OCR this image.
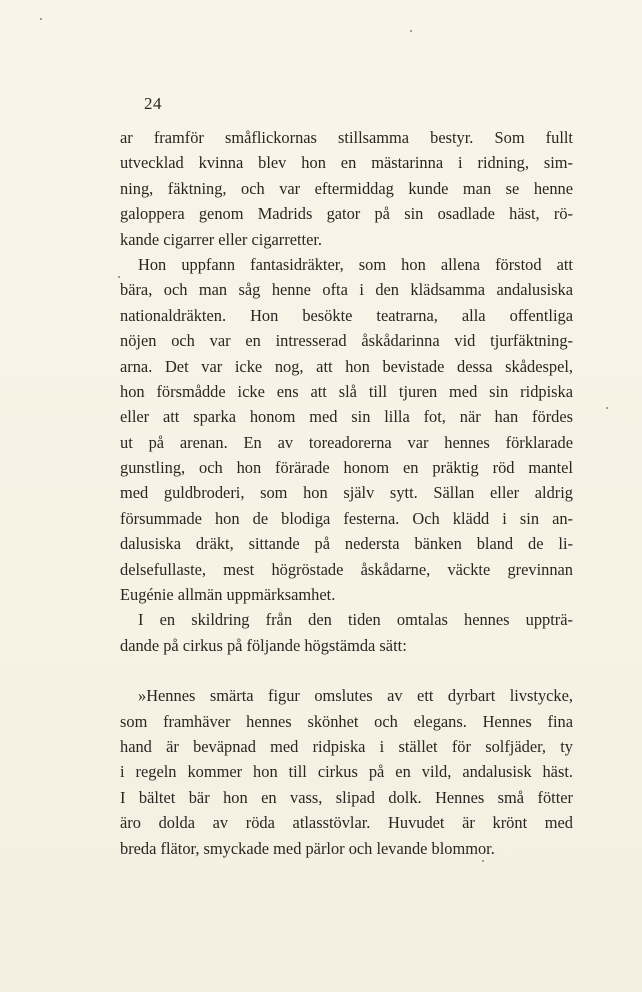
24

ar framför småflickornas stillsamma bestyr. Som fullt
utvecklad kvinna blev hon en mästarinna i ridning, sim-
ning, fäktning, och var eftermiddag kunde man se henne
galoppera genom Madrids gator på sin osadlade häst, rö-
kande cigarrer eller cigarretter.

Hon uppfann fantasidräkter, som hon allena förstod att
bära, och man såg henne ofta i den klädsamma andalusiska
nationaldräkten. Hon besökte teatrarna, alla offentliga
nöjen och var en intresserad åskådarinna vid tjurfäktning-
arna. Det var icke nog, att hon bevistade dessa skådespel,
hon försmådde icke ens att slå till tjuren med sin ridpiska
eller att sparka honom med sin lilla fot, när han fördes
ut på arenan. En av toreadorerna var hennes förklarade
gunstling, och hon förärade honom en präktig röd mantel
med guldbroderi, som hon själv sytt. Sällan eller aldrig
försummade hon de blodiga festerna. Och klädd i sin an-
dalusiska dräkt, sittande på nedersta bänken bland de li-
delsefullaste, mest högröstade åskådarne, väckte grevinnan
Eugénie allmän uppmärksamhet.

I en skildring från den tiden omtalas hennes uppträ-
dande på cirkus på följande högstämda sätt:

»Hennes smärta figur omslutes av ett dyrbart livstycke,
som framhäver hennes skönhet och elegans. Hennes fina
hand är beväpnad med ridpiska i stället för solfjäder, ty
i regeln kommer hon till cirkus på en vild, andalusisk häst.
I bältet bär hon en vass, slipad dolk. Hennes små fötter
äro dolda av röda atlasstövlar. Huvudet är krönt med
breda flätor, smyckade med pärlor och levande blommor.
